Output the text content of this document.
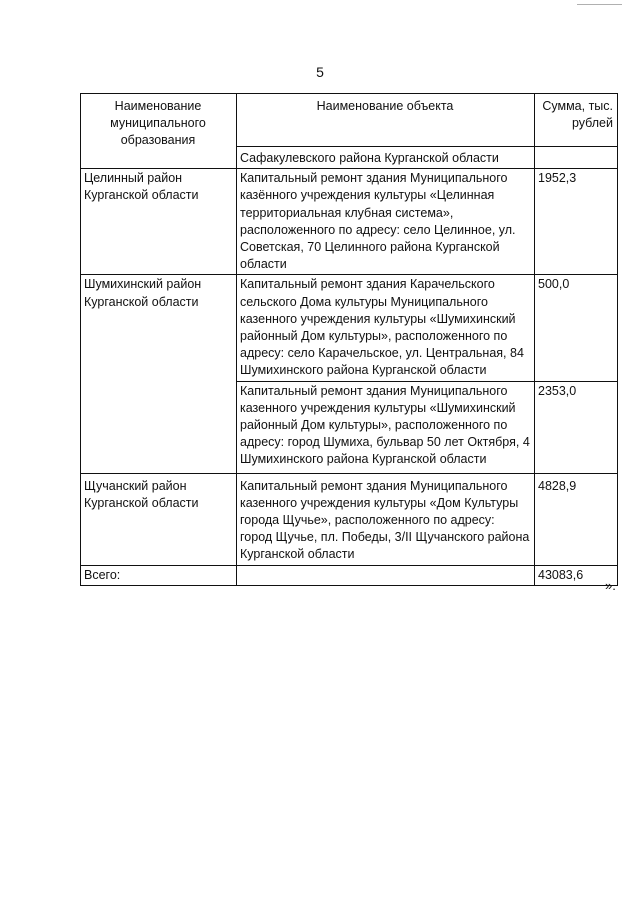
5
Наименование муниципального образования	Наименование объекта	Сумма, тыс. рублей
	Сафакулевского района Курганской области	
Целинный район Курганской области	Капитальный ремонт здания Муниципального казённого учреждения культуры «Целинная территориальная клубная система», расположенного по адресу: село Целинное, ул. Советская, 70 Целинного района Курганской области	1952,3
Шумихинский район Курганской области	Капитальный ремонт здания Карачельского сельского Дома культуры Муниципального казенного учреждения культуры «Шумихинский районный Дом культуры», расположенного по адресу: село Карачельское, ул. Центральная, 84 Шумихинского района Курганской области	500,0
	Капитальный ремонт здания Муниципального казенного учреждения культуры «Шумихинский районный Дом культуры», расположенного по адресу: город Шумиха, бульвар 50 лет Октября, 4 Шумихинского района Курганской области	2353,0
Щучанский район Курганской области	Капитальный ремонт здания Муниципального казенного учреждения культуры «Дом Культуры города Щучье», расположенного по адресу: город Щучье, пл. Победы, 3/II Щучанского района Курганской области	4828,9
Всего:		43083,6
».
